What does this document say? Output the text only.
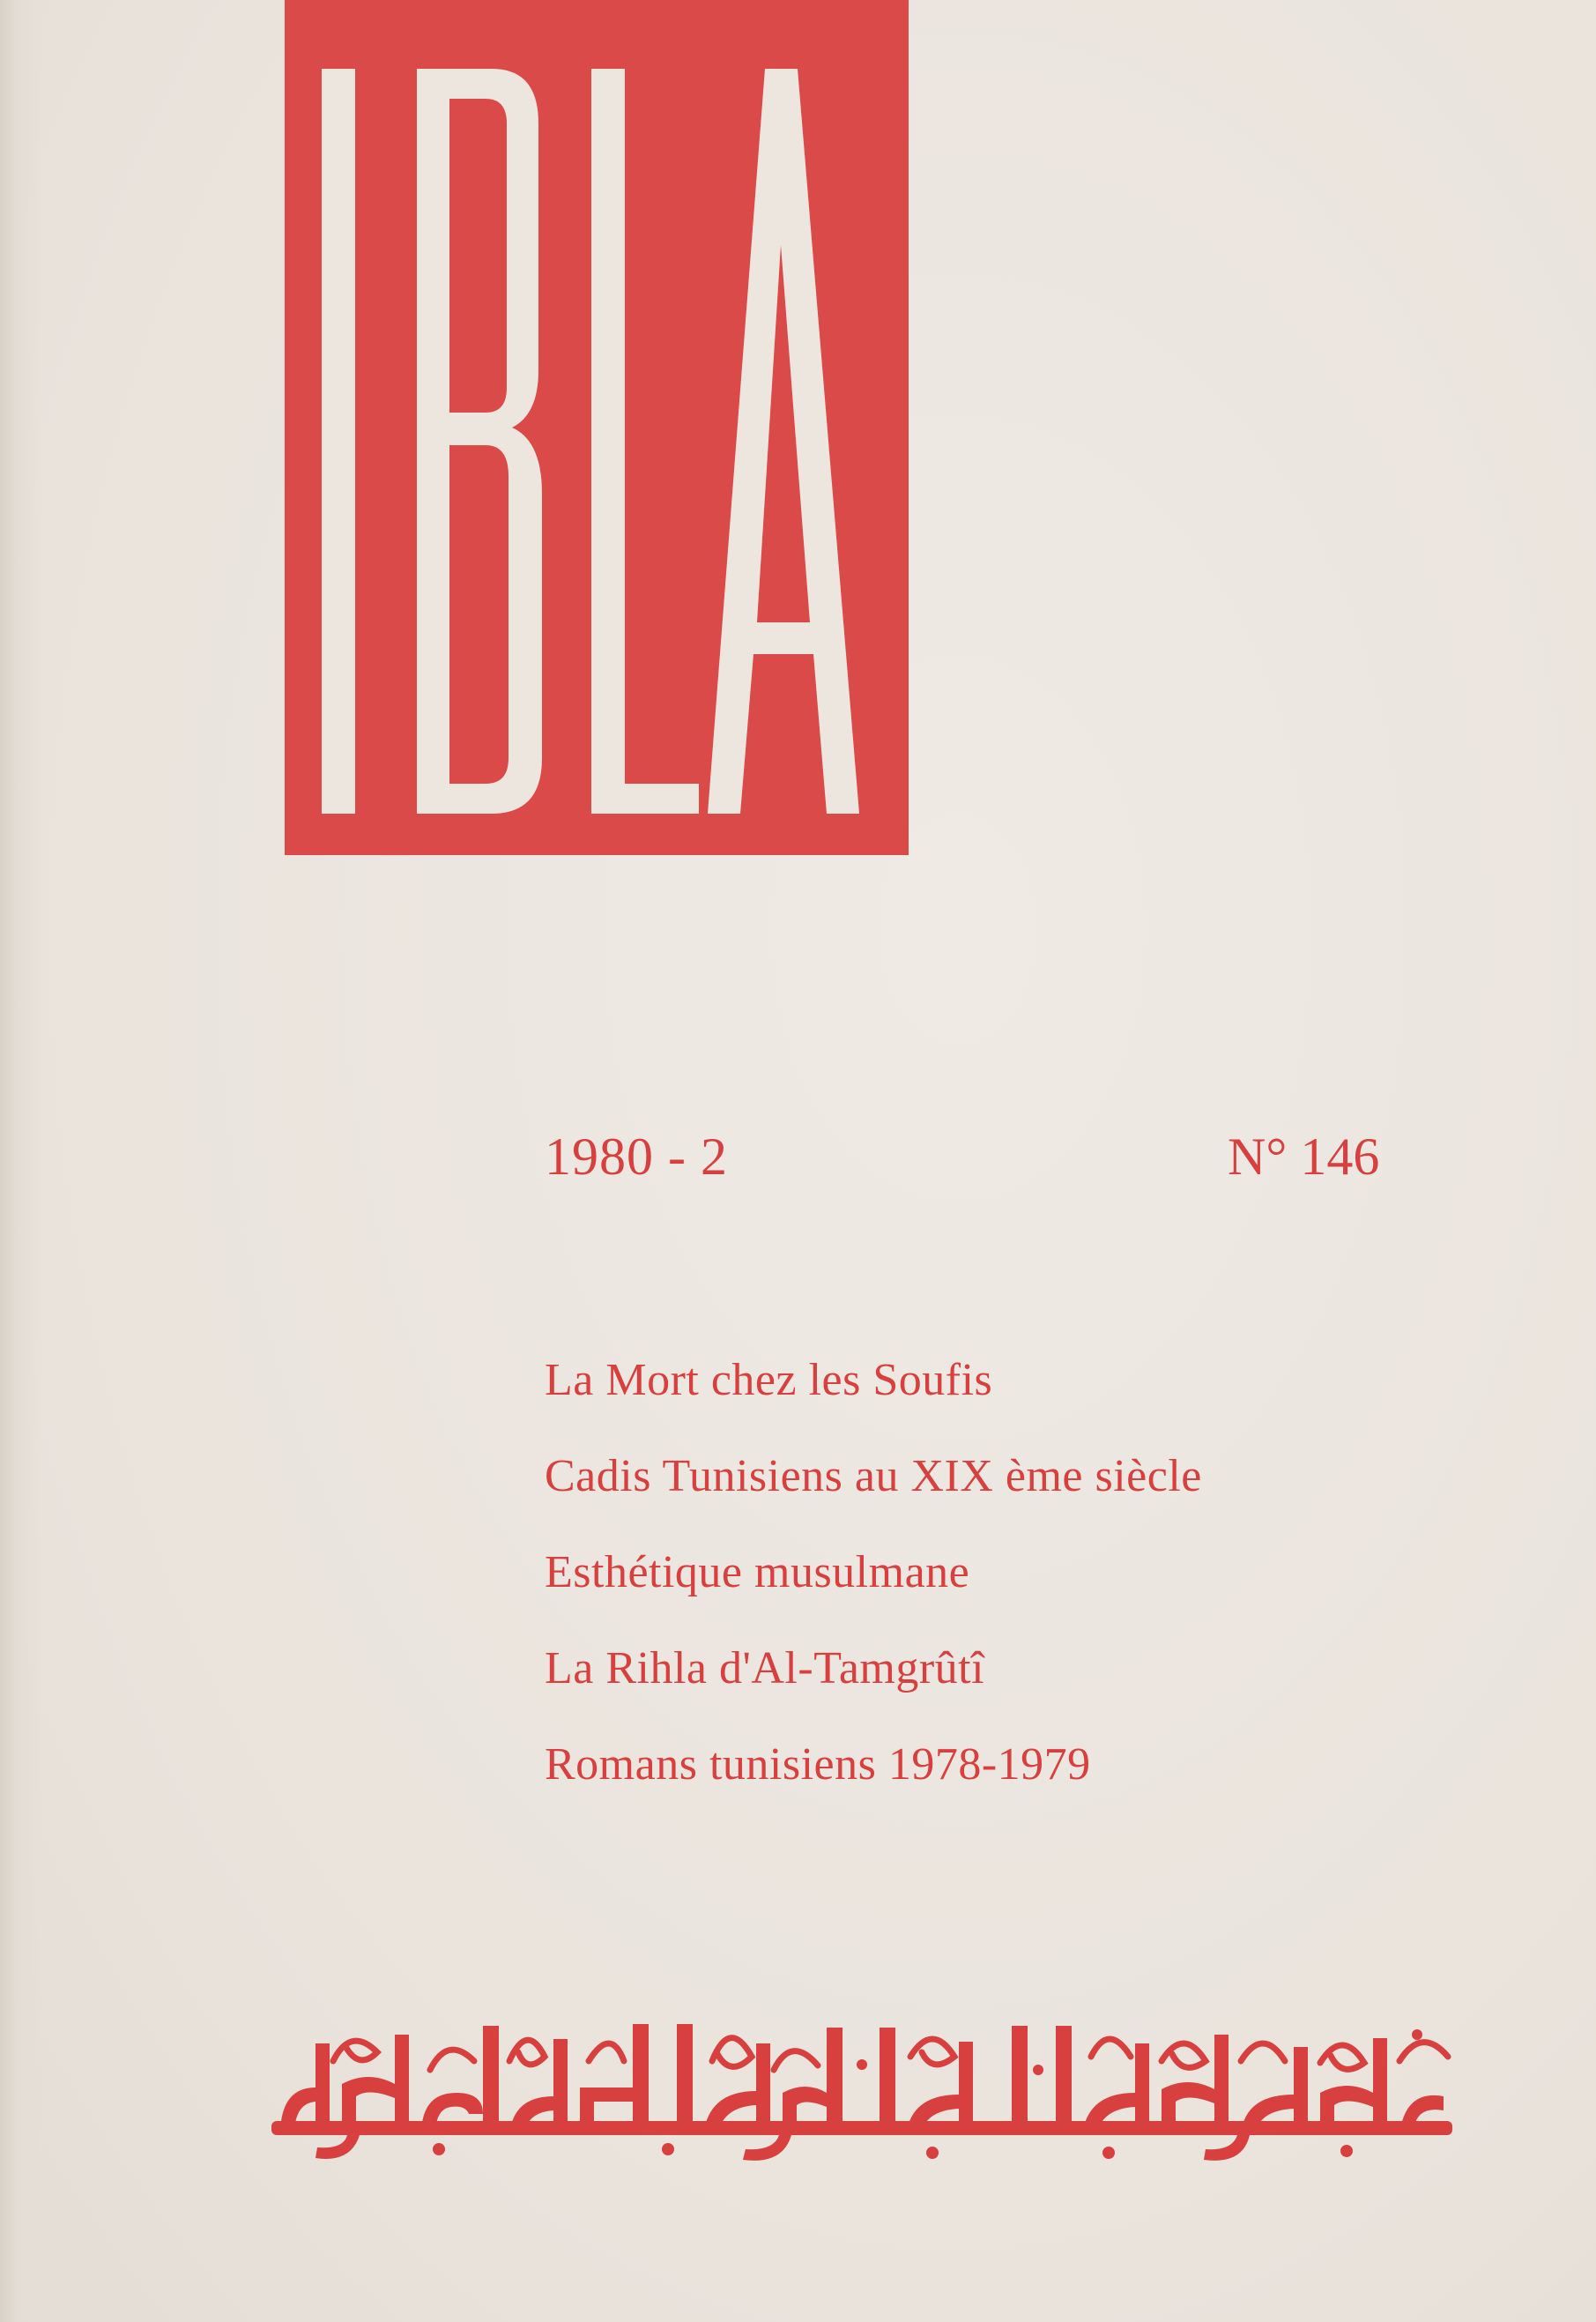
1980 - 2	N° 146
La Mort chez les Soufis
Cadis Tunisiens au XIX ème siècle
Esthétique musulmane
La Rihla d'Al-Tamgrûtî
Romans tunisiens 1978-1979
